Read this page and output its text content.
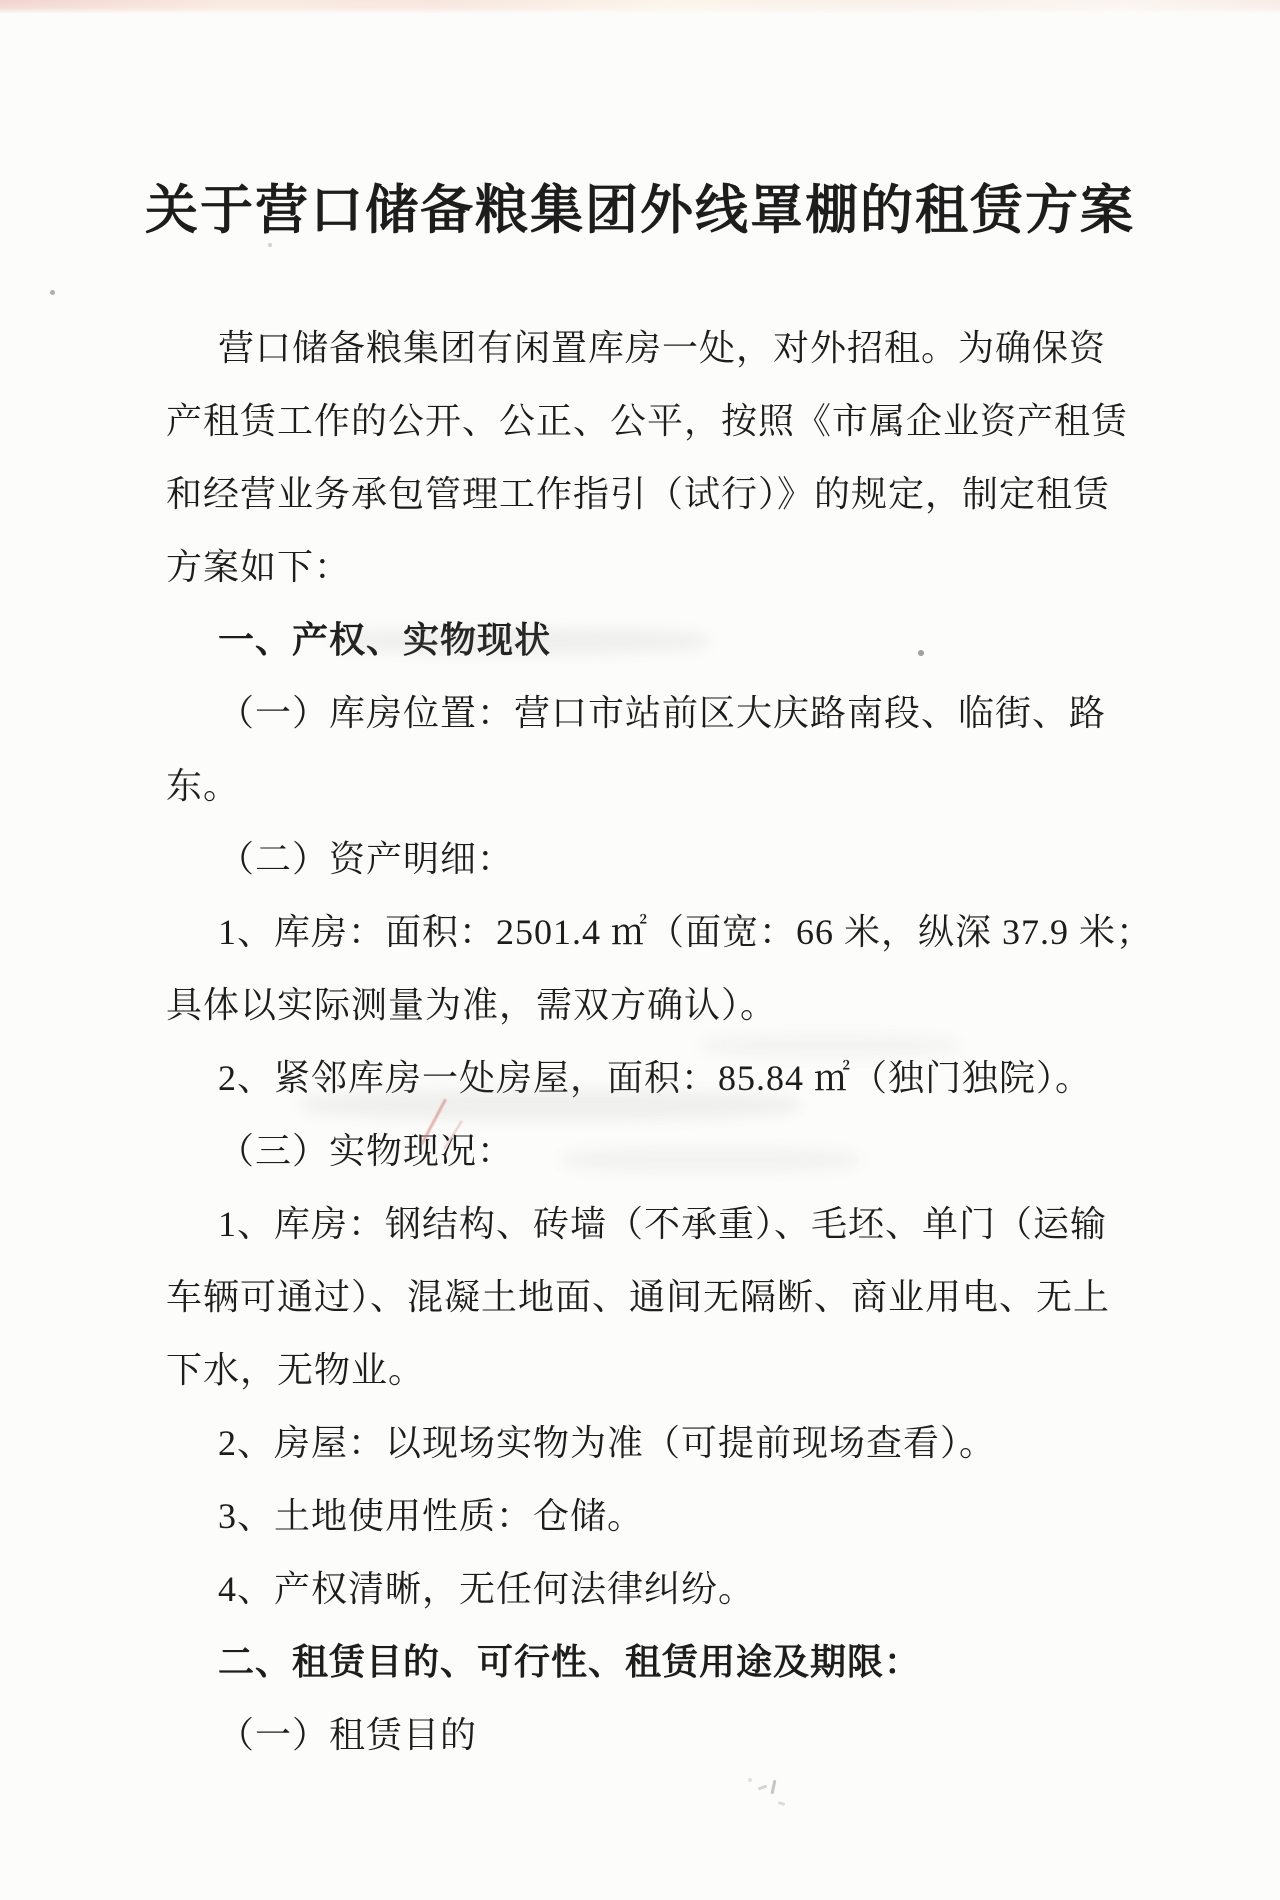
关于营口储备粮集团外线罩棚的租赁方案
营口储备粮集团有闲置库房一处，对外招租。为确保资
产租赁工作的公开、公正、公平，按照《市属企业资产租赁
和经营业务承包管理工作指引（试行）》的规定，制定租赁
方案如下：
一、产权、实物现状
（一）库房位置：营口市站前区大庆路南段、临街、路
东。
（二）资产明细：
1、库房：面积：2501.4 ㎡（面宽：66 米，纵深 37.9 米；
具体以实际测量为准，需双方确认）。
2、紧邻库房一处房屋，面积：85.84 ㎡（独门独院）。
（三）实物现况：
1、库房：钢结构、砖墙（不承重）、毛坯、单门（运输
车辆可通过）、混凝土地面、通间无隔断、商业用电、无上
下水，无物业。
2、房屋：以现场实物为准（可提前现场查看）。
3、土地使用性质：仓储。
4、产权清晰，无任何法律纠纷。
二、租赁目的、可行性、租赁用途及期限：
（一）租赁目的
